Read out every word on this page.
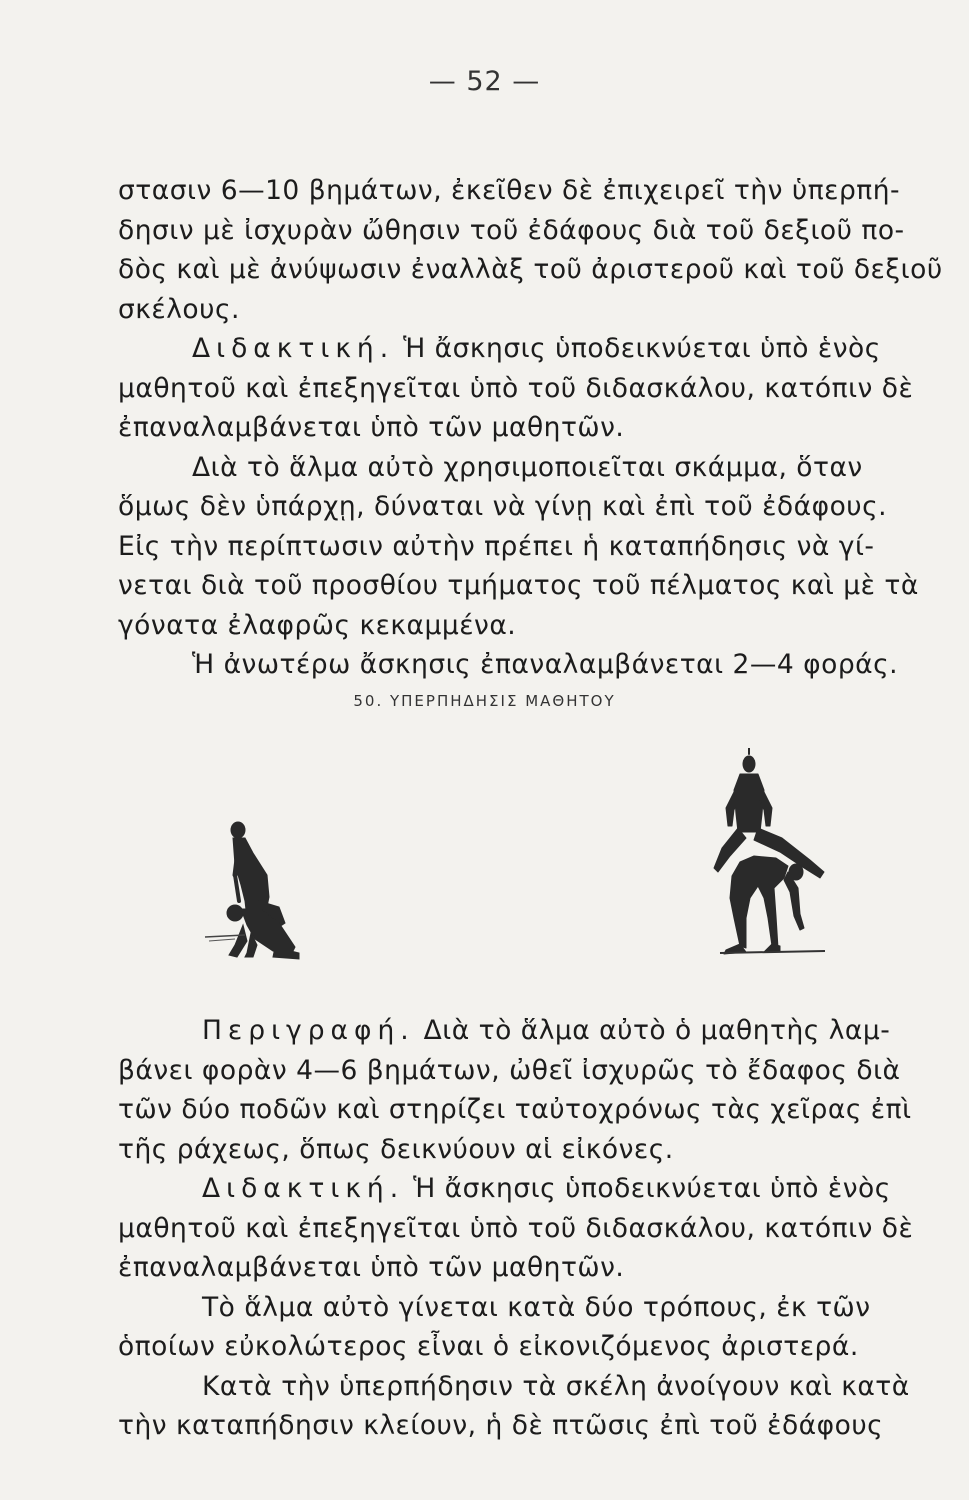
— 52 —
στασιν 6—10 βημάτων, ἐκεῖθεν δὲ ἐπιχειρεῖ τὴν ὑπερπή-
δησιν μὲ ἰσχυρὰν ὤθησιν τοῦ ἐδάφους διὰ τοῦ δεξιοῦ πο-
δὸς καὶ μὲ ἀνύψωσιν ἐναλλὰξ τοῦ ἀριστεροῦ καὶ τοῦ δεξιοῦ
σκέλους.
Διδακτική. Ἡ ἄσκησις ὑποδεικνύεται ὑπὸ ἑνὸς
μαθητοῦ καὶ ἐπεξηγεῖται ὑπὸ τοῦ διδασκάλου, κατόπιν δὲ
ἐπαναλαμβάνεται ὑπὸ τῶν μαθητῶν.
Διὰ τὸ ἅλμα αὐτὸ χρησιμοποιεῖται σκάμμα, ὅταν
ὅμως δὲν ὑπάρχῃ, δύναται νὰ γίνῃ καὶ ἐπὶ τοῦ ἐδάφους.
Εἰς τὴν περίπτωσιν αὐτὴν πρέπει ἡ καταπήδησις νὰ γί-
νεται διὰ τοῦ προσθίου τμήματος τοῦ πέλματος καὶ μὲ τὰ
γόνατα ἐλαφρῶς κεκαμμένα.
Ἡ ἀνωτέρω ἄσκησις ἐπαναλαμβάνεται 2—4 φοράς.
50. ΥΠΕΡΠΗΔΗΣΙΣ ΜΑΘΗΤΟΥ
Περιγραφή. Διὰ τὸ ἅλμα αὐτὸ ὁ μαθητὴς λαμ-
βάνει φορὰν 4—6 βημάτων, ὠθεῖ ἰσχυρῶς τὸ ἔδαφος διὰ
τῶν δύο ποδῶν καὶ στηρίζει ταὐτοχρόνως τὰς χεῖρας ἐπὶ
τῆς ράχεως, ὅπως δεικνύουν αἱ εἰκόνες.
Διδακτική. Ἡ ἄσκησις ὑποδεικνύεται ὑπὸ ἑνὸς
μαθητοῦ καὶ ἐπεξηγεῖται ὑπὸ τοῦ διδασκάλου, κατόπιν δὲ
ἐπαναλαμβάνεται ὑπὸ τῶν μαθητῶν.
Τὸ ἅλμα αὐτὸ γίνεται κατὰ δύο τρόπους, ἐκ τῶν
ὁποίων εὐκολώτερος εἶναι ὁ εἰκονιζόμενος ἀριστερά.
Κατὰ τὴν ὑπερπήδησιν τὰ σκέλη ἀνοίγουν καὶ κατὰ
τὴν καταπήδησιν κλείουν, ἡ δὲ πτῶσις ἐπὶ τοῦ ἐδάφους
